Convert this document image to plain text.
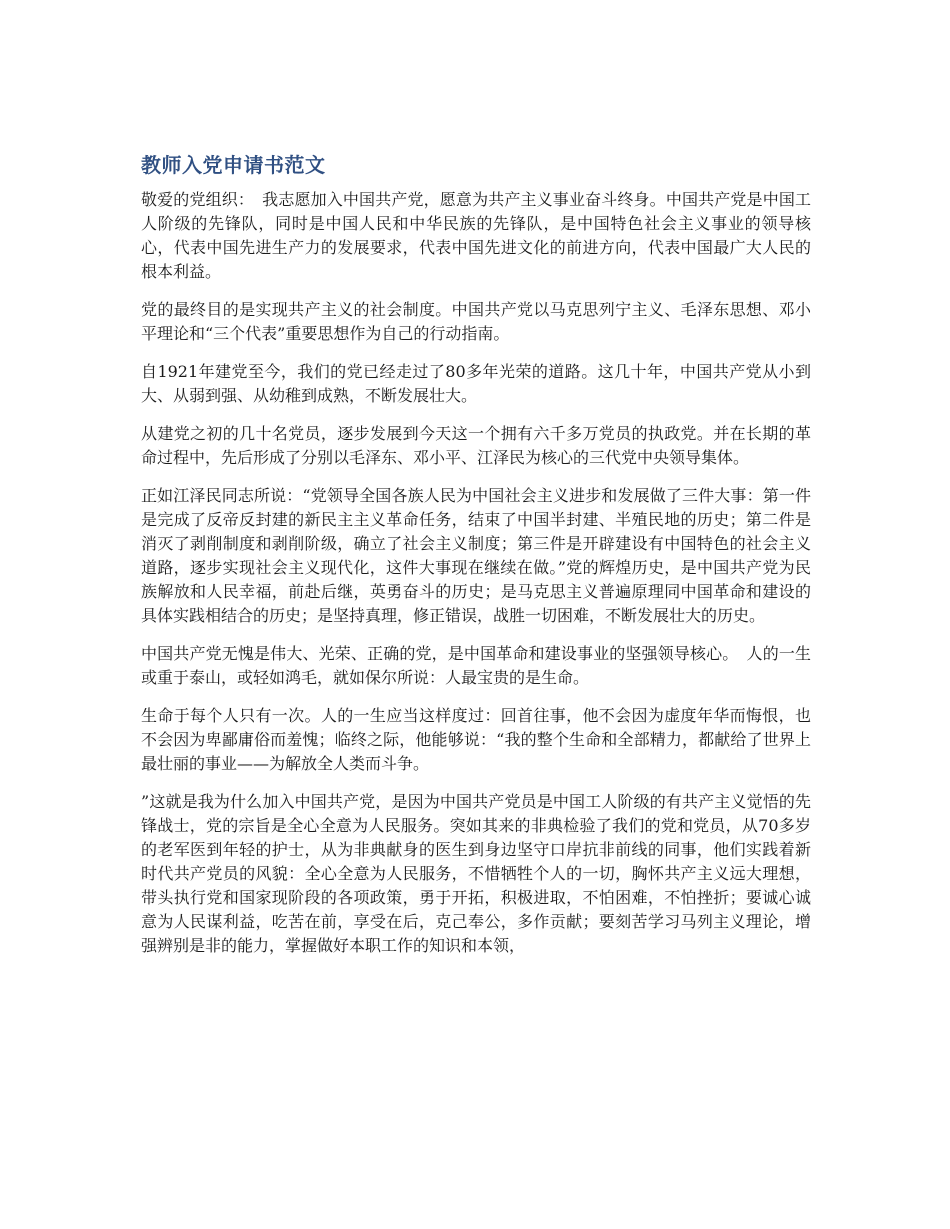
教师入党申请书范文

敬爱的党组织：　我志愿加入中国共产党，愿意为共产主义事业奋斗终身。中国共产党是中国工人阶级的先锋队，同时是中国人民和中华民族的先锋队，是中国特色社会主义事业的领导核心，代表中国先进生产力的发展要求，代表中国先进文化的前进方向，代表中国最广大人民的根本利益。

党的最终目的是实现共产主义的社会制度。中国共产党以马克思列宁主义、毛泽东思想、邓小平理论和“三个代表”重要思想作为自己的行动指南。

自1921年建党至今，我们的党已经走过了80多年光荣的道路。这几十年，中国共产党从小到大、从弱到强、从幼稚到成熟，不断发展壮大。

从建党之初的几十名党员，逐步发展到今天这一个拥有六千多万党员的执政党。并在长期的革命过程中，先后形成了分别以毛泽东、邓小平、江泽民为核心的三代党中央领导集体。

正如江泽民同志所说：“党领导全国各族人民为中国社会主义进步和发展做了三件大事：第一件是完成了反帝反封建的新民主主义革命任务，结束了中国半封建、半殖民地的历史；第二件是消灭了剥削制度和剥削阶级，确立了社会主义制度；第三件是开辟建设有中国特色的社会主义道路，逐步实现社会主义现代化，这件大事现在继续在做。”党的辉煌历史，是中国共产党为民族解放和人民幸福，前赴后继，英勇奋斗的历史；是马克思主义普遍原理同中国革命和建设的具体实践相结合的历史；是坚持真理，修正错误，战胜一切困难，不断发展壮大的历史。

中国共产党无愧是伟大、光荣、正确的党，是中国革命和建设事业的坚强领导核心。　人的一生或重于泰山，或轻如鸿毛，就如保尔所说：人最宝贵的是生命。

生命于每个人只有一次。人的一生应当这样度过：回首往事，他不会因为虚度年华而悔恨，也不会因为卑鄙庸俗而羞愧；临终之际，他能够说：“我的整个生命和全部精力，都献给了世界上最壮丽的事业——为解放全人类而斗争。

”这就是我为什么加入中国共产党，是因为中国共产党员是中国工人阶级的有共产主义觉悟的先锋战士，党的宗旨是全心全意为人民服务。突如其来的非典检验了我们的党和党员，从70多岁的老军医到年轻的护士，从为非典献身的医生到身边坚守口岸抗非前线的同事，他们实践着新时代共产党员的风貌：全心全意为人民服务，不惜牺牲个人的一切，胸怀共产主义远大理想，带头执行党和国家现阶段的各项政策，勇于开拓，积极进取，不怕困难，不怕挫折；要诚心诚意为人民谋利益，吃苦在前，享受在后，克己奉公，多作贡献；要刻苦学习马列主义理论，增强辨别是非的能力，掌握做好本职工作的知识和本领，
